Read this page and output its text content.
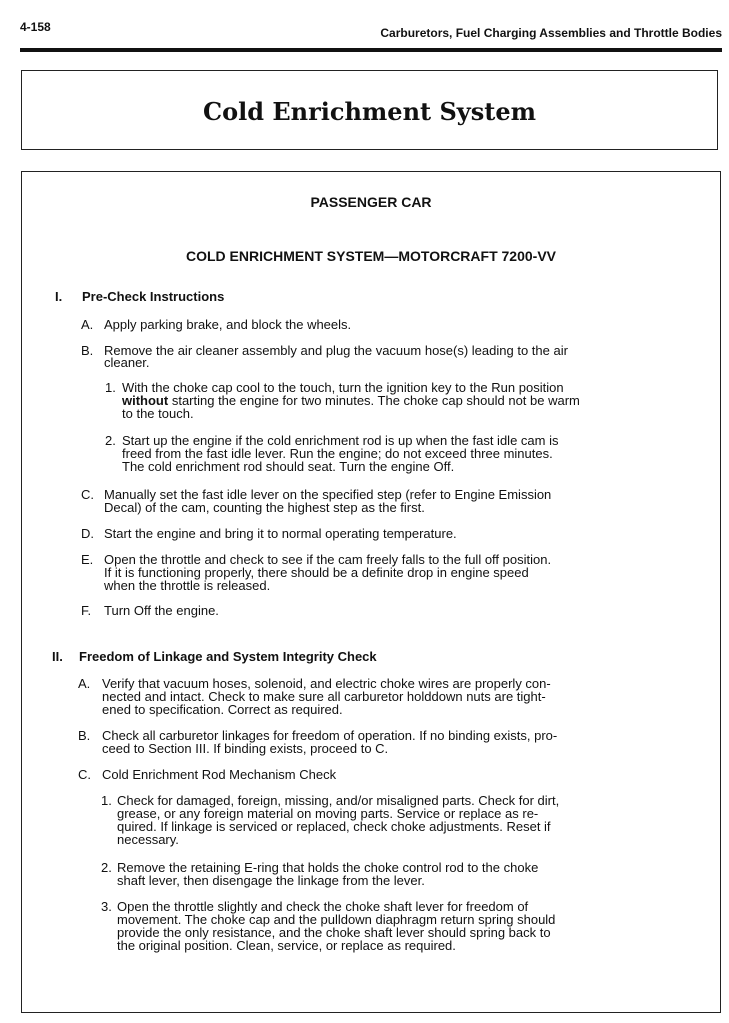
4-158	Carburetors, Fuel Charging Assemblies and Throttle Bodies
Cold Enrichment System
PASSENGER CAR
COLD ENRICHMENT SYSTEM—MOTORCRAFT 7200-VV
I. Pre-Check Instructions
A. Apply parking brake, and block the wheels.
B. Remove the air cleaner assembly and plug the vacuum hose(s) leading to the air
cleaner.
1. With the choke cap cool to the touch, turn the ignition key to the Run position
without starting the engine for two minutes. The choke cap should not be warm
to the touch.
2. Start up the engine if the cold enrichment rod is up when the fast idle cam is
freed from the fast idle lever. Run the engine; do not exceed three minutes.
The cold enrichment rod should seat. Turn the engine Off.
C. Manually set the fast idle lever on the specified step (refer to Engine Emission
Decal) of the cam, counting the highest step as the first.
D. Start the engine and bring it to normal operating temperature.
E. Open the throttle and check to see if the cam freely falls to the full off position.
If it is functioning properly, there should be a definite drop in engine speed
when the throttle is released.
F. Turn Off the engine.
II. Freedom of Linkage and System Integrity Check
A. Verify that vacuum hoses, solenoid, and electric choke wires are properly con-
nected and intact. Check to make sure all carburetor holddown nuts are tight-
ened to specification. Correct as required.
B. Check all carburetor linkages for freedom of operation. If no binding exists, pro-
ceed to Section III. If binding exists, proceed to C.
C. Cold Enrichment Rod Mechanism Check
1. Check for damaged, foreign, missing, and/or misaligned parts. Check for dirt,
grease, or any foreign material on moving parts. Service or replace as re-
quired. If linkage is serviced or replaced, check choke adjustments. Reset if
necessary.
2. Remove the retaining E-ring that holds the choke control rod to the choke
shaft lever, then disengage the linkage from the lever.
3. Open the throttle slightly and check the choke shaft lever for freedom of
movement. The choke cap and the pulldown diaphragm return spring should
provide the only resistance, and the choke shaft lever should spring back to
the original position. Clean, service, or replace as required.
